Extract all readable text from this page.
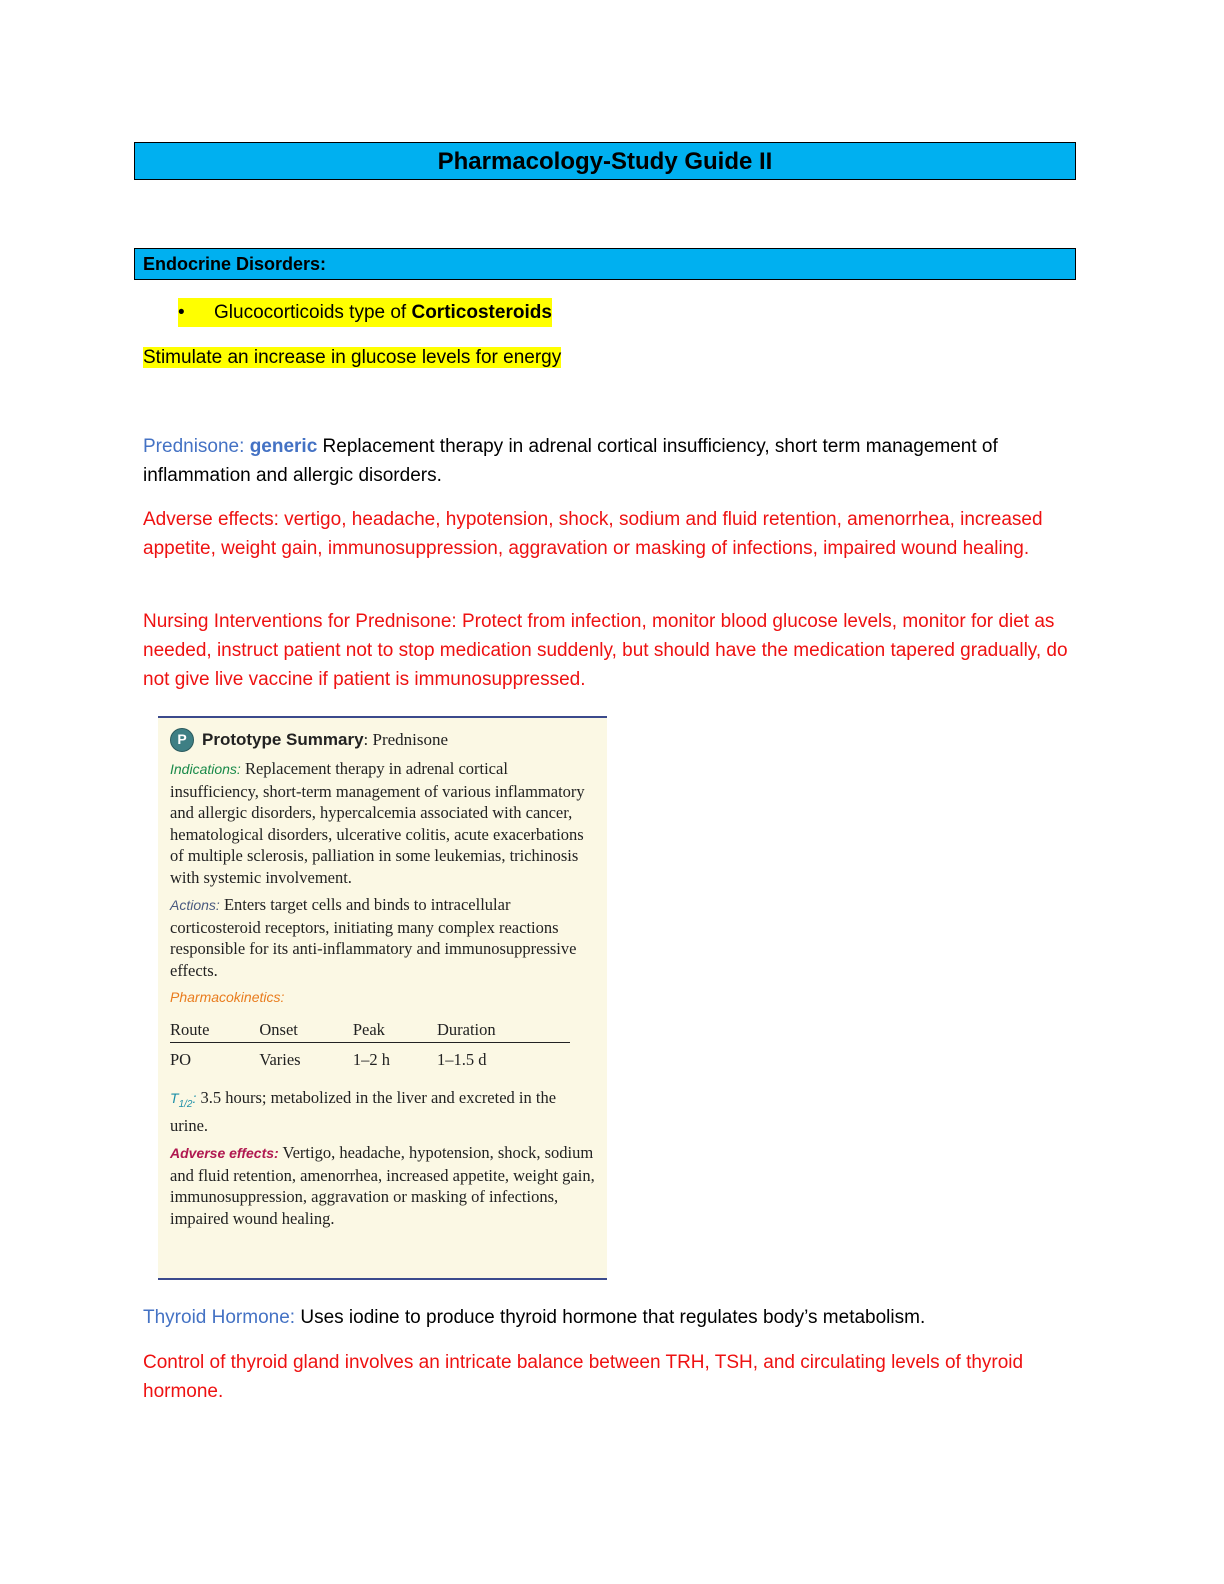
Pharmacology-Study Guide II
Endocrine Disorders:
• Glucocorticoids type of Corticosteroids
Stimulate an increase in glucose levels for energy
Prednisone: generic Replacement therapy in adrenal cortical insufficiency, short term management of inflammation and allergic disorders.
Adverse effects: vertigo, headache, hypotension, shock, sodium and fluid retention, amenorrhea, increased appetite, weight gain, immunosuppression, aggravation or masking of infections, impaired wound healing.
Nursing Interventions for Prednisone: Protect from infection, monitor blood glucose levels, monitor for diet as needed, instruct patient not to stop medication suddenly, but should have the medication tapered gradually, do not give live vaccine if patient is immunosuppressed.
P Prototype Summary : Prednisone
Indications: Replacement therapy in adrenal cortical insufficiency, short-term management of various inflammatory and allergic disorders, hypercalcemia associated with cancer, hematological disorders, ulcerative colitis, acute exacerbations of multiple sclerosis, palliation in some leukemias, trichinosis with systemic involvement.
Actions: Enters target cells and binds to intracellular corticosteroid receptors, initiating many complex reactions responsible for its anti-inflammatory and immunosuppressive effects.
Pharmacokinetics:
Route	Onset	Peak	Duration
PO	Varies	1–2 h	1–1.5 d
$T_{1/2}$: 3.5 hours; metabolized in the liver and excreted in the urine.
Adverse effects: Vertigo, headache, hypotension, shock, sodium and fluid retention, amenorrhea, increased appetite, weight gain, immunosuppression, aggravation or masking of infections, impaired wound healing.
Thyroid Hormone: Uses iodine to produce thyroid hormone that regulates body’s metabolism.
Control of thyroid gland involves an intricate balance between TRH, TSH, and circulating levels of thyroid hormone.
